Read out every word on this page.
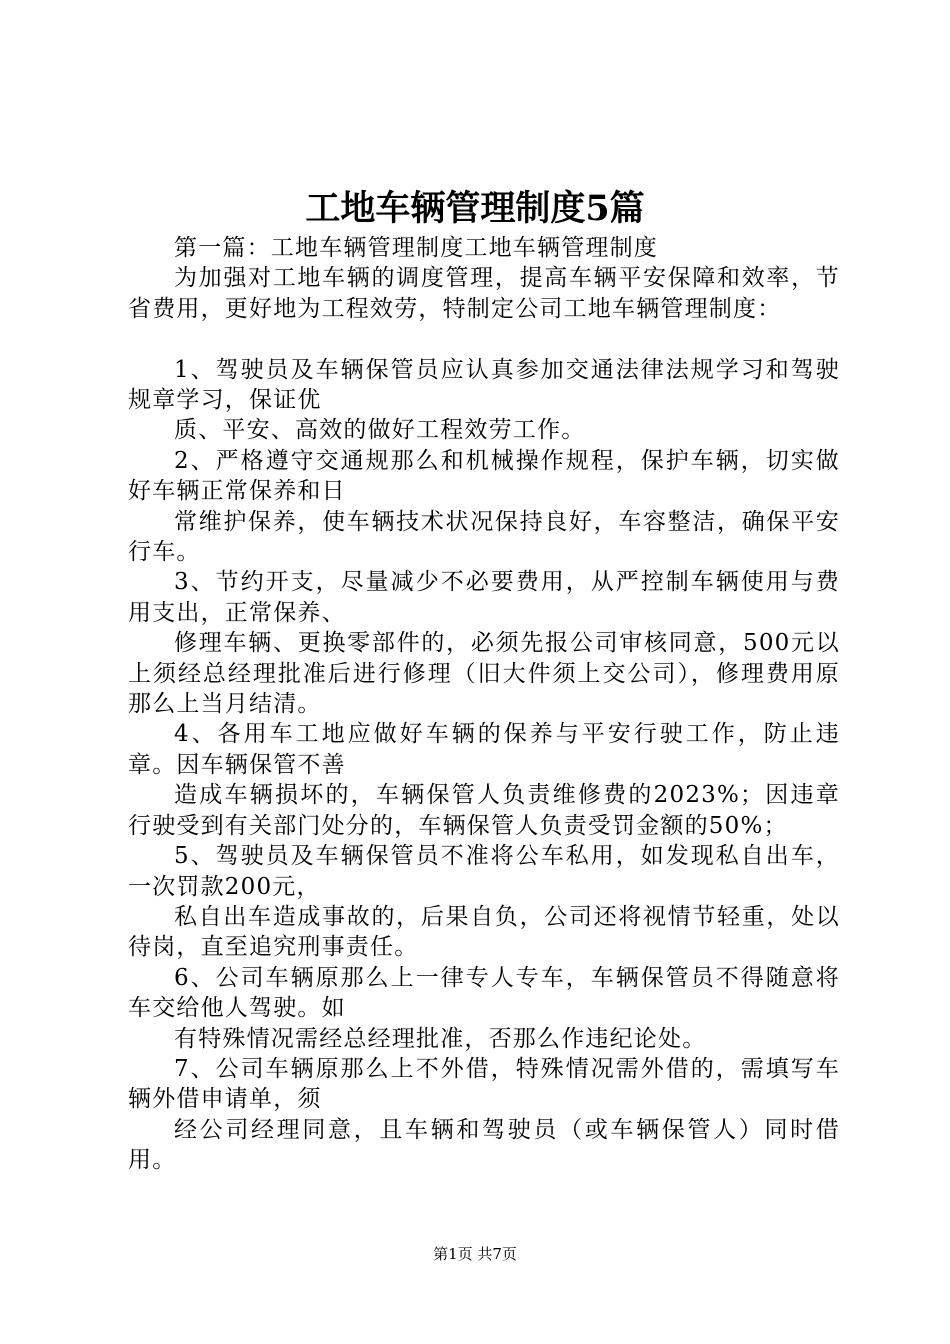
工地车辆管理制度5篇

第一篇：工地车辆管理制度工地车辆管理制度

为加强对工地车辆的调度管理，提高车辆平安保障和效率，节省费用，更好地为工程效劳，特制定公司工地车辆管理制度：

1、驾驶员及车辆保管员应认真参加交通法律法规学习和驾驶规章学习，保证优

质、平安、高效的做好工程效劳工作。

2、严格遵守交通规那么和机械操作规程，保护车辆，切实做好车辆正常保养和日

常维护保养，使车辆技术状况保持良好，车容整洁，确保平安行车。

3、节约开支，尽量减少不必要费用，从严控制车辆使用与费用支出，正常保养、

修理车辆、更换零部件的，必须先报公司审核同意，500元以上须经总经理批准后进行修理（旧大件须上交公司），修理费用原那么上当月结清。

4、各用车工地应做好车辆的保养与平安行驶工作，防止违章。因车辆保管不善

造成车辆损坏的，车辆保管人负责维修费的2023%；因违章行驶受到有关部门处分的，车辆保管人负责受罚金额的50%；

5、驾驶员及车辆保管员不准将公车私用，如发现私自出车，一次罚款200元，

私自出车造成事故的，后果自负，公司还将视情节轻重，处以待岗，直至追究刑事责任。

6、公司车辆原那么上一律专人专车，车辆保管员不得随意将车交给他人驾驶。如

有特殊情况需经总经理批准，否那么作违纪论处。

7、公司车辆原那么上不外借，特殊情况需外借的，需填写车辆外借申请单，须

经公司经理同意，且车辆和驾驶员（或车辆保管人）同时借用。

第1页 共7页
